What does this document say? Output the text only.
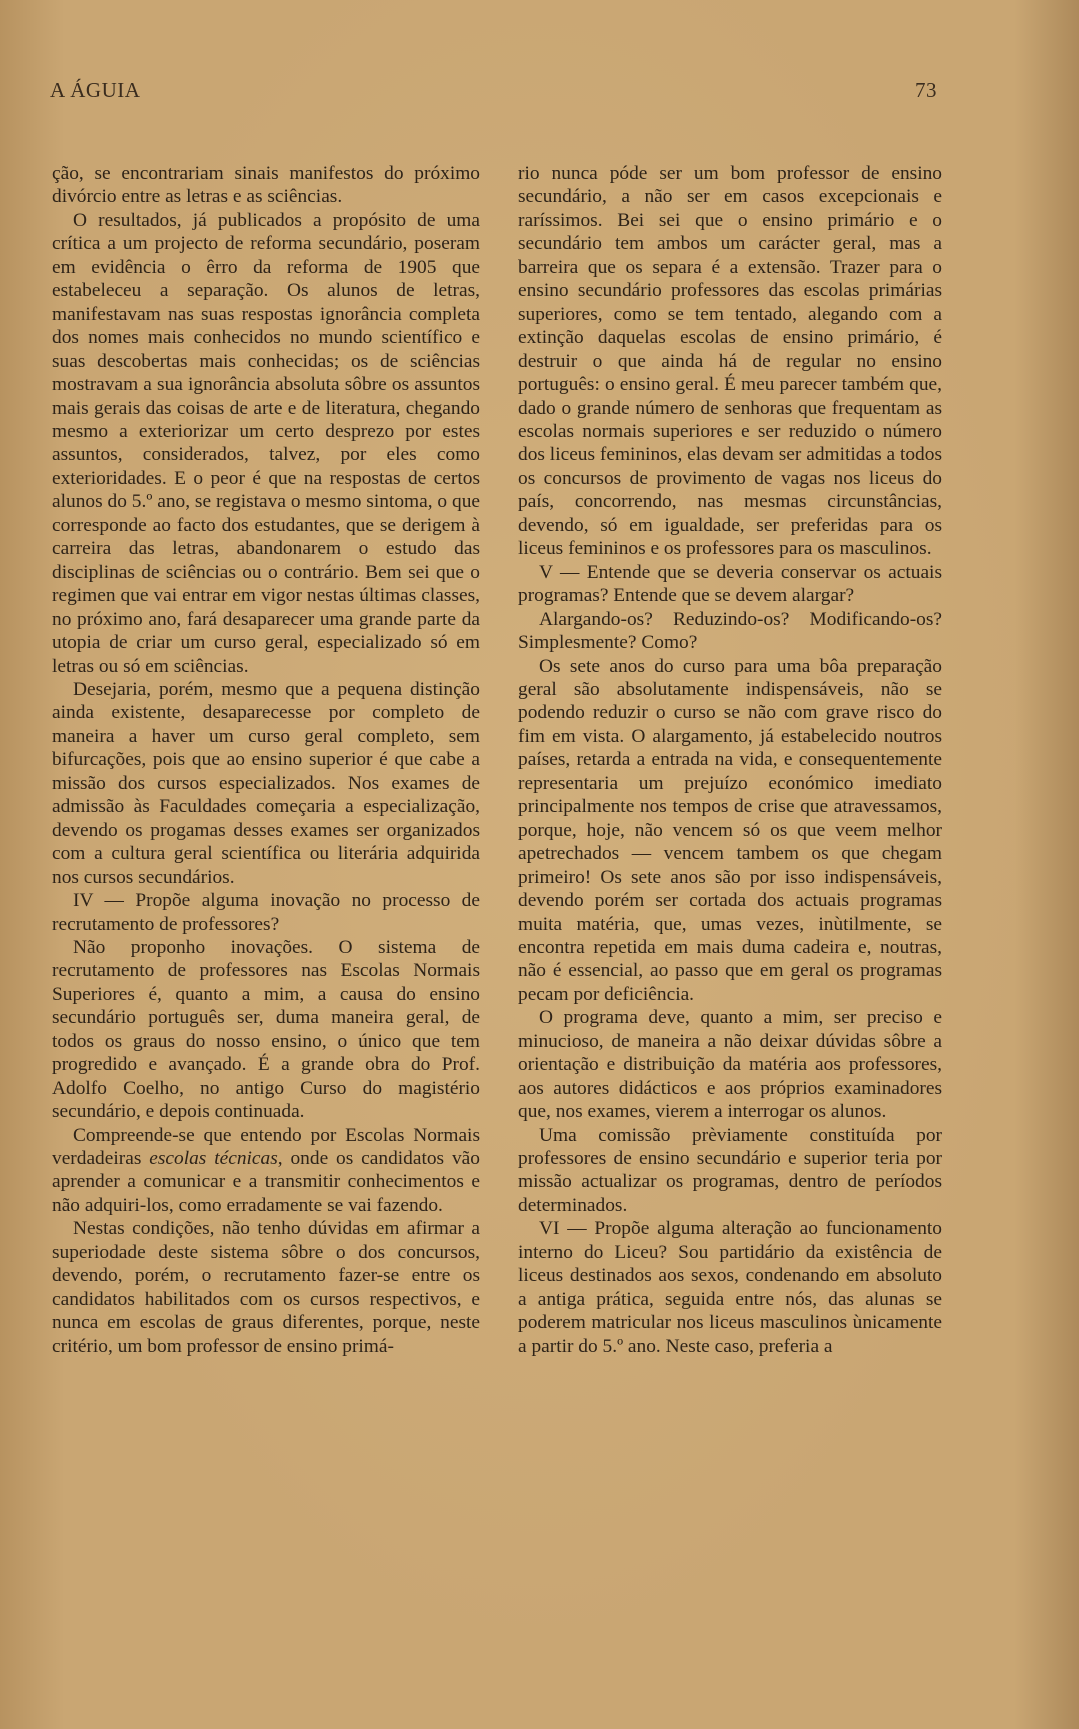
A ÁGUIA	73

ção, se encontrariam sinais manifestos do próximo divórcio entre as letras e as sciências.

O resultados, já publicados a propósito de uma crítica a um projecto de reforma secundário, poseram em evidência o êrro da reforma de 1905 que estabeleceu a separação. Os alunos de letras, manifestavam nas suas respostas ignorância completa dos nomes mais conhecidos no mundo scientífico e suas descobertas mais conhecidas; os de sciências mostravam a sua ignorância absoluta sôbre os assuntos mais gerais das coisas de arte e de literatura, chegando mesmo a exteriorizar um certo desprezo por estes assuntos, considerados, talvez, por eles como exterioridades. E o peor é que na respostas de certos alunos do 5.º ano, se registava o mesmo sintoma, o que corresponde ao facto dos estudantes, que se derigem à carreira das letras, abandonarem o estudo das disciplinas de sciências ou o contrário. Bem sei que o regimen que vai entrar em vigor nestas últimas classes, no próximo ano, fará desaparecer uma grande parte da utopia de criar um curso geral, especializado só em letras ou só em sciências.

Desejaria, porém, mesmo que a pequena distinção ainda existente, desaparecesse por completo de maneira a haver um curso geral completo, sem bifurcações, pois que ao ensino superior é que cabe a missão dos cursos especializados. Nos exames de admissão às Faculdades começaria a especialização, devendo os progamas desses exames ser organizados com a cultura geral scientífica ou literária adquirida nos cursos secundários.

IV — Propõe alguma inovação no processo de recrutamento de professores?

Não proponho inovações. O sistema de recrutamento de professores nas Escolas Normais Superiores é, quanto a mim, a causa do ensino secundário português ser, duma maneira geral, de todos os graus do nosso ensino, o único que tem progredido e avançado. É a grande obra do Prof. Adolfo Coelho, no antigo Curso do magistério secundário, e depois continuada.

Compreende-se que entendo por Escolas Normais verdadeiras escolas técnicas, onde os candidatos vão aprender a comunicar e a transmitir conhecimentos e não adquiri-los, como erradamente se vai fazendo.

Nestas condições, não tenho dúvidas em afirmar a superiodade deste sistema sôbre o dos concursos, devendo, porém, o recrutamento fazer-se entre os candidatos habilitados com os cursos respectivos, e nunca em escolas de graus diferentes, porque, neste critério, um bom professor de ensino primá-

rio nunca póde ser um bom professor de ensino secundário, a não ser em casos excepcionais e raríssimos. Bei sei que o ensino primário e o secundário tem ambos um carácter geral, mas a barreira que os separa é a extensão. Trazer para o ensino secundário professores das escolas primárias superiores, como se tem tentado, alegando com a extinção daquelas escolas de ensino primário, é destruir o que ainda há de regular no ensino português: o ensino geral. É meu parecer também que, dado o grande número de senhoras que frequentam as escolas normais superiores e ser reduzido o número dos liceus femininos, elas devam ser admitidas a todos os concursos de provimento de vagas nos liceus do país, concorrendo, nas mesmas circunstâncias, devendo, só em igualdade, ser preferidas para os liceus femininos e os professores para os masculinos.

V — Entende que se deveria conservar os actuais programas? Entende que se devem alargar?

Alargando-os? Reduzindo-os? Modificando-os? Simplesmente? Como?

Os sete anos do curso para uma bôa preparação geral são absolutamente indispensáveis, não se podendo reduzir o curso se não com grave risco do fim em vista. O alargamento, já estabelecido noutros países, retarda a entrada na vida, e consequentemente representaria um prejuízo económico imediato principalmente nos tempos de crise que atravessamos, porque, hoje, não vencem só os que veem melhor apetrechados — vencem tambem os que chegam primeiro! Os sete anos são por isso indispensáveis, devendo porém ser cortada dos actuais programas muita matéria, que, umas vezes, inùtilmente, se encontra repetida em mais duma cadeira e, noutras, não é essencial, ao passo que em geral os programas pecam por deficiência.

O programa deve, quanto a mim, ser preciso e minucioso, de maneira a não deixar dúvidas sôbre a orientação e distribuição da matéria aos professores, aos autores didácticos e aos próprios examinadores que, nos exames, vierem a interrogar os alunos.

Uma comissão prèviamente constituída por professores de ensino secundário e superior teria por missão actualizar os programas, dentro de períodos determinados.

VI — Propõe alguma alteração ao funcionamento interno do Liceu? Sou partidário da existência de liceus destinados aos sexos, condenando em absoluto a antiga prática, seguida entre nós, das alunas se poderem matricular nos liceus masculinos ùnicamente a partir do 5.º ano. Neste caso, preferia a
